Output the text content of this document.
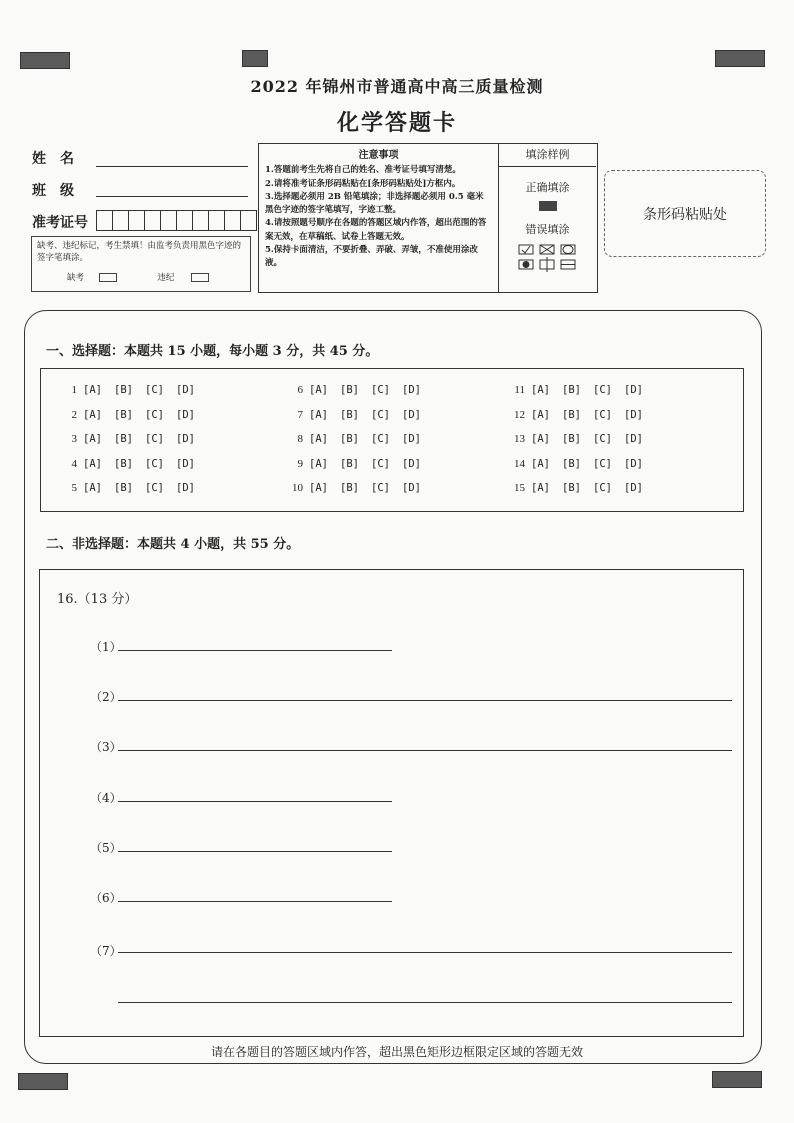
2022 年锦州市普通高中高三质量检测
化学答题卡
姓　名
班　级
准考证号
缺考、违纪标记，考生禁填！由监考负责用黑色字迹的签字笔填涂。
缺考	违纪
注意事项
1.答题前考生先将自己的姓名、准考证号填写清楚。
2.请将准考证条形码粘贴在[条形码粘贴处]方框内。
3.选择题必须用 2B 铅笔填涂；非选择题必须用 0.5 毫米黑色字迹的签字笔填写，字迹工整。
4.请按照题号顺序在各题的答题区域内作答，超出范围的答案无效，在草稿纸、试卷上答题无效。
5.保持卡面清洁，不要折叠、弄破、弄皱，不准使用涂改液。
填涂样例
正确填涂
错误填涂
条形码粘贴处
一、选择题：本题共 15 小题，每小题 3 分，共 45 分。
1 [A] [B] [C] [D]
2 [A] [B] [C] [D]
3 [A] [B] [C] [D]
4 [A] [B] [C] [D]
5 [A] [B] [C] [D]
6 [A] [B] [C] [D]
7 [A] [B] [C] [D]
8 [A] [B] [C] [D]
9 [A] [B] [C] [D]
10 [A] [B] [C] [D]
11 [A] [B] [C] [D]
12 [A] [B] [C] [D]
13 [A] [B] [C] [D]
14 [A] [B] [C] [D]
15 [A] [B] [C] [D]
二、非选择题：本题共 4 小题，共 55 分。
16.（13 分）
（1）
（2）
（3）
（4）
（5）
（6）
（7）
请在各题目的答题区域内作答，超出黑色矩形边框限定区域的答题无效
